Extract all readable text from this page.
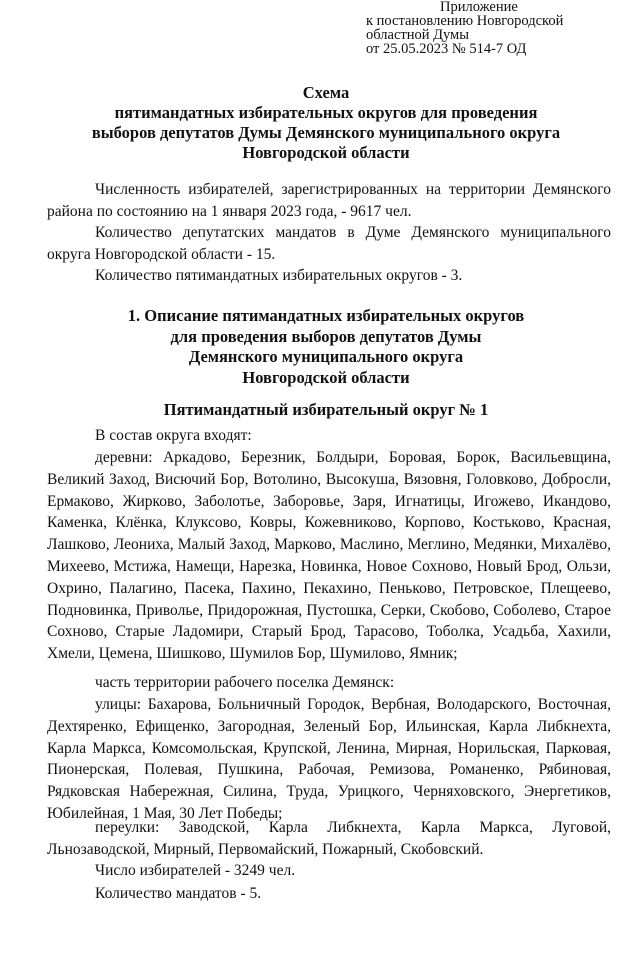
Приложение
к постановлению Новгородской
областной Думы
от 25.05.2023 № 514-7 ОД
Схема
пятимандатных избирательных округов для проведения
выборов депутатов Думы Демянского муниципального округа
Новгородской области
Численность избирателей, зарегистрированных на территории Демянского района по состоянию на 1 января 2023 года, - 9617 чел.
Количество депутатских мандатов в Думе Демянского муниципального округа Новгородской области - 15.
Количество пятимандатных избирательных округов - 3.
1. Описание пятимандатных избирательных округов
для проведения выборов депутатов Думы
Демянского муниципального округа
Новгородской области
Пятимандатный избирательный округ № 1
В состав округа входят:
деревни: Аркадово, Березник, Болдыри, Боровая, Борок, Васильевщина, Великий Заход, Висючий Бор, Вотолино, Высокуша, Вязовня, Головково, Добросли, Ермаково, Жирково, Заболотье, Заборовье, Заря, Игнатицы, Игожево, Икандово, Каменка, Клёнка, Клуксово, Ковры, Кожевниково, Корпово, Костьково, Красная, Лашково, Леониха, Малый Заход, Марково, Маслино, Меглино, Медянки, Михалёво, Михеево, Мстижа, Намещи, Нарезка, Новинка, Новое Сохново, Новый Брод, Ользи, Охрино, Палагино, Пасека, Пахино, Пекахино, Пеньково, Петровское, Плещеево, Подновинка, Приволье, Придорожная, Пустошка, Серки, Скобово, Соболево, Старое Сохново, Старые Ладомири, Старый Брод, Тарасово, Тоболка, Усадьба, Хахили, Хмели, Цемена, Шишково, Шумилов Бор, Шумилово, Ямник;
часть территории рабочего поселка Демянск:
улицы: Бахарова, Больничный Городок, Вербная, Володарского, Восточная, Дехтяренко, Ефищенко, Загородная, Зеленый Бор, Ильинская, Карла Либкнехта, Карла Маркса, Комсомольская, Крупской, Ленина, Мирная, Норильская, Парковая, Пионерская, Полевая, Пушкина, Рабочая, Ремизова, Романенко, Рябиновая, Рядковская Набережная, Силина, Труда, Урицкого, Черняховского, Энергетиков, Юбилейная, 1 Мая, 30 Лет Победы;
переулки: Заводской, Карла Либкнехта, Карла Маркса, Луговой, Льнозаводской, Мирный, Первомайский, Пожарный, Скобовский.
Число избирателей - 3249 чел.
Количество мандатов - 5.
